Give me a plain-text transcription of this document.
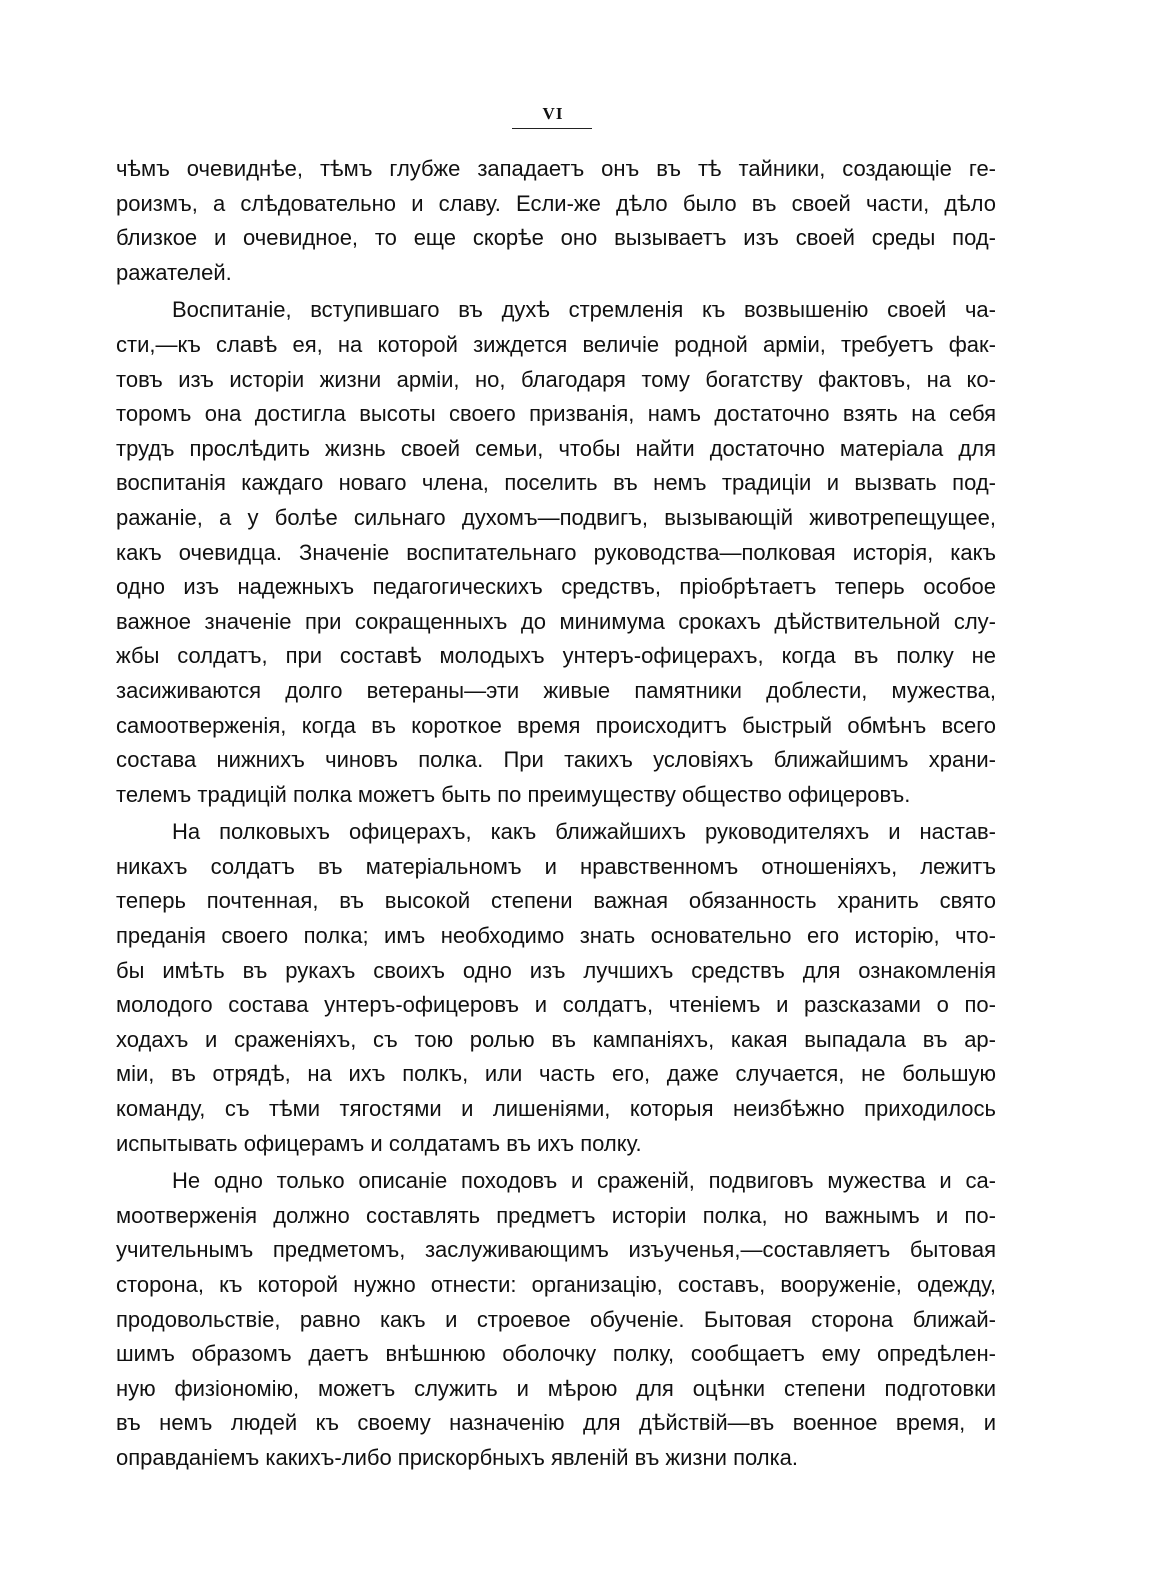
VI
чѣмъ очевиднѣе, тѣмъ глубже западаетъ онъ въ тѣ тайники, создающіе ге-
роизмъ, а слѣдовательно и славу. Если-же дѣло было въ своей части, дѣло
близкое и очевидное, то еще скорѣе оно вызываетъ изъ своей среды под-
ражателей.
Воспитаніе, вступившаго въ духѣ стремленія къ возвышенію своей ча-
сти,—къ славѣ ея, на которой зиждется величіе родной арміи, требуетъ фак-
товъ изъ исторіи жизни арміи, но, благодаря тому богатству фактовъ, на ко-
торомъ она достигла высоты своего призванія, намъ достаточно взять на себя
трудъ прослѣдить жизнь своей семьи, чтобы найти достаточно матеріала для
воспитанія каждаго новаго члена, поселить въ немъ традиціи и вызвать под-
ражаніе, а у болѣе сильнаго духомъ—подвигъ, вызывающій животрепещущее,
какъ очевидца. Значеніе воспитательнаго руководства—полковая исторія, какъ
одно изъ надежныхъ педагогическихъ средствъ, пріобрѣтаетъ теперь особое
важное значеніе при сокращенныхъ до минимума срокахъ дѣйствительной слу-
жбы солдатъ, при составѣ молодыхъ унтеръ-офицерахъ, когда въ полку не
засиживаются долго ветераны—эти живые памятники доблести, мужества,
самоотверженія, когда въ короткое время происходитъ быстрый обмѣнъ всего
состава нижнихъ чиновъ полка. При такихъ условіяхъ ближайшимъ храни-
телемъ традицій полка можетъ быть по преимуществу общество офицеровъ.
На полковыхъ офицерахъ, какъ ближайшихъ руководителяхъ и настав-
никахъ солдатъ въ матеріальномъ и нравственномъ отношеніяхъ, лежитъ
теперь почтенная, въ высокой степени важная обязанность хранить свято
преданія своего полка; имъ необходимо знать основательно его исторію, что-
бы имѣть въ рукахъ своихъ одно изъ лучшихъ средствъ для ознакомленія
молодого состава унтеръ-офицеровъ и солдатъ, чтеніемъ и разсказами о по-
ходахъ и сраженіяхъ, съ тою ролью въ кампаніяхъ, какая выпадала въ ар-
міи, въ отрядѣ, на ихъ полкъ, или часть его, даже случается, не большую
команду, съ тѣми тягостями и лишеніями, которыя неизбѣжно приходилось
испытывать офицерамъ и солдатамъ въ ихъ полку.
Не одно только описаніе походовъ и сраженій, подвиговъ мужества и са-
моотверженія должно составлять предметъ исторіи полка, но важнымъ и по-
учительнымъ предметомъ, заслуживающимъ изъученья,—составляетъ бытовая
сторона, къ которой нужно отнести: организацію, составъ, вооруженіе, одежду,
продовольствіе, равно какъ и строевое обученіе. Бытовая сторона ближай-
шимъ образомъ даетъ внѣшнюю оболочку полку, сообщаетъ ему опредѣлен-
ную физіономію, можетъ служить и мѣрою для оцѣнки степени подготовки
въ немъ людей къ своему назначенію для дѣйствій—въ военное время, и
оправданіемъ какихъ-либо прискорбныхъ явленій въ жизни полка.
